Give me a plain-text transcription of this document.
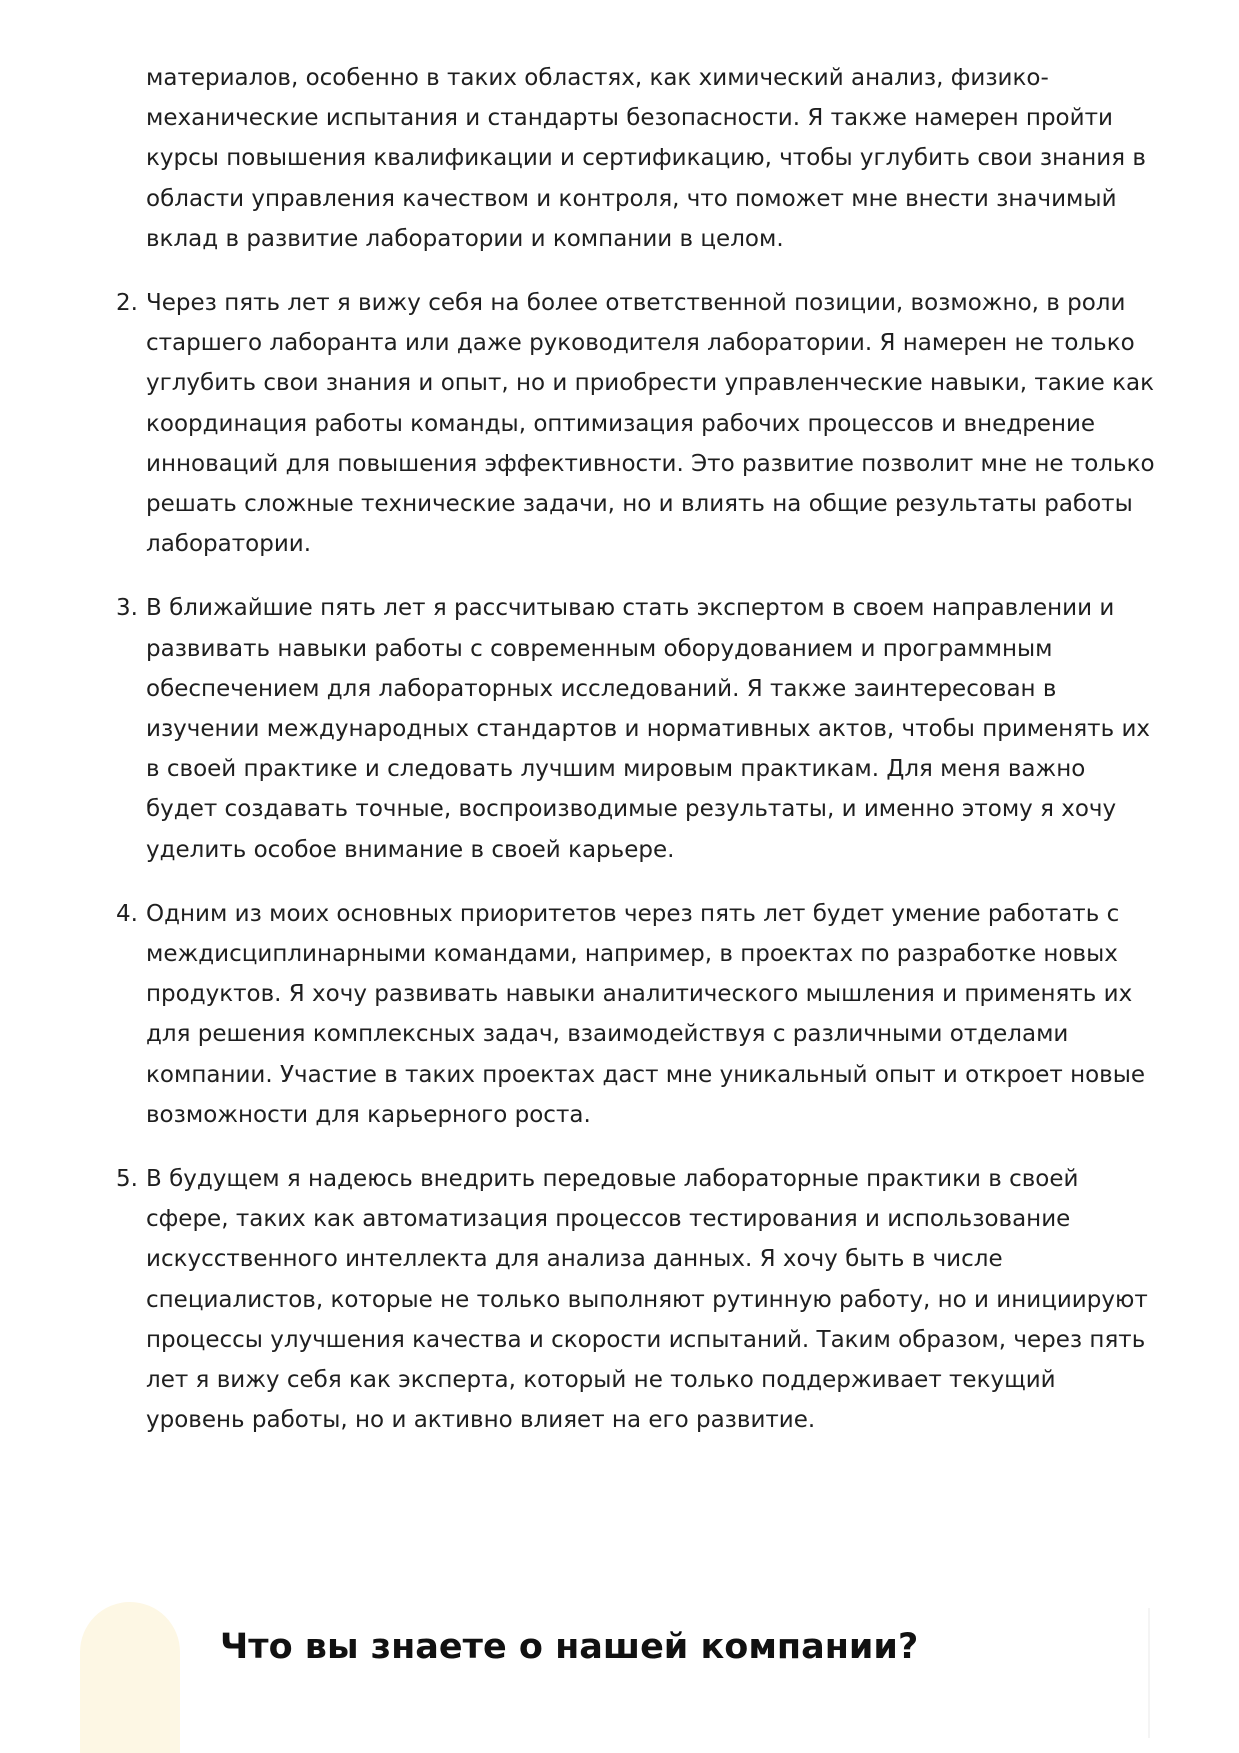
материалов, особенно в таких областях, как химический анализ, физико-механические испытания и стандарты безопасности. Я также намерен пройти курсы повышения квалификации и сертификацию, чтобы углубить свои знания в области управления качеством и контроля, что поможет мне внести значимый вклад в развитие лаборатории и компании в целом.
2. Через пять лет я вижу себя на более ответственной позиции, возможно, в роли старшего лаборанта или даже руководителя лаборатории. Я намерен не только углубить свои знания и опыт, но и приобрести управленческие навыки, такие как координация работы команды, оптимизация рабочих процессов и внедрение инноваций для повышения эффективности. Это развитие позволит мне не только решать сложные технические задачи, но и влиять на общие результаты работы лаборатории.
3. В ближайшие пять лет я рассчитываю стать экспертом в своем направлении и развивать навыки работы с современным оборудованием и программным обеспечением для лабораторных исследований. Я также заинтересован в изучении международных стандартов и нормативных актов, чтобы применять их в своей практике и следовать лучшим мировым практикам. Для меня важно будет создавать точные, воспроизводимые результаты, и именно этому я хочу уделить особое внимание в своей карьере.
4. Одним из моих основных приоритетов через пять лет будет умение работать с междисциплинарными командами, например, в проектах по разработке новых продуктов. Я хочу развивать навыки аналитического мышления и применять их для решения комплексных задач, взаимодействуя с различными отделами компании. Участие в таких проектах даст мне уникальный опыт и откроет новые возможности для карьерного роста.
5. В будущем я надеюсь внедрить передовые лабораторные практики в своей сфере, таких как автоматизация процессов тестирования и использование искусственного интеллекта для анализа данных. Я хочу быть в числе специалистов, которые не только выполняют рутинную работу, но и инициируют процессы улучшения качества и скорости испытаний. Таким образом, через пять лет я вижу себя как эксперта, который не только поддерживает текущий уровень работы, но и активно влияет на его развитие.
Что вы знаете о нашей компании?
